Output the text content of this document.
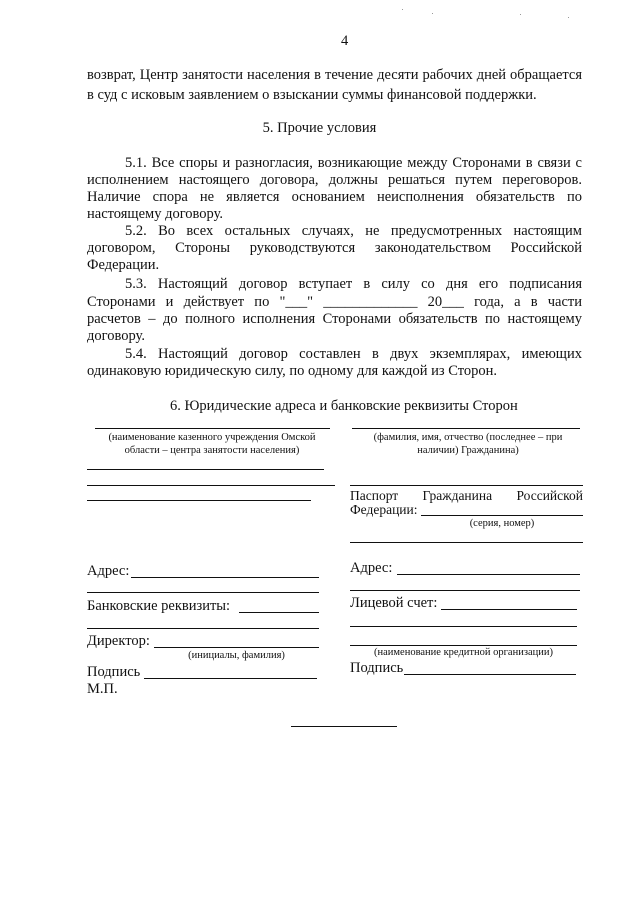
4
возврат, Центр занятости населения в течение десяти рабочих дней обращается
в суд с исковым заявлением о взыскании суммы финансовой поддержки.
5. Прочие условия
5.1. Все споры и разногласия, возникающие между Сторонами в связи с
исполнением настоящего договора, должны решаться путем переговоров.
Наличие спора не является основанием неисполнения обязательств по
настоящему договору.
5.2. Во всех остальных случаях, не предусмотренных настоящим
договором, Стороны руководствуются законодательством Российской
Федерации.
5.3. Настоящий договор вступает в силу со дня его подписания
Сторонами и действует по "___" _____________ 20___ года, а в части
расчетов – до полного исполнения Сторонами обязательств по настоящему
договору.
5.4. Настоящий договор составлен в двух экземплярах, имеющих
одинаковую юридическую силу, по одному для каждой из Сторон.
6. Юридические адреса и банковские реквизиты Сторон
(наименование казенного учреждения Омской
области – центра занятости населения)
Адрес:
Банковские реквизиты:
Директор:
(инициалы, фамилия)
Подпись
М.П.
(фамилия, имя, отчество (последнее – при
наличии) Гражданина)
Паспорт Гражданина Российской
Федерации:
(серия, номер)
Адрес:
Лицевой счет:
(наименование кредитной организации)
Подпись
